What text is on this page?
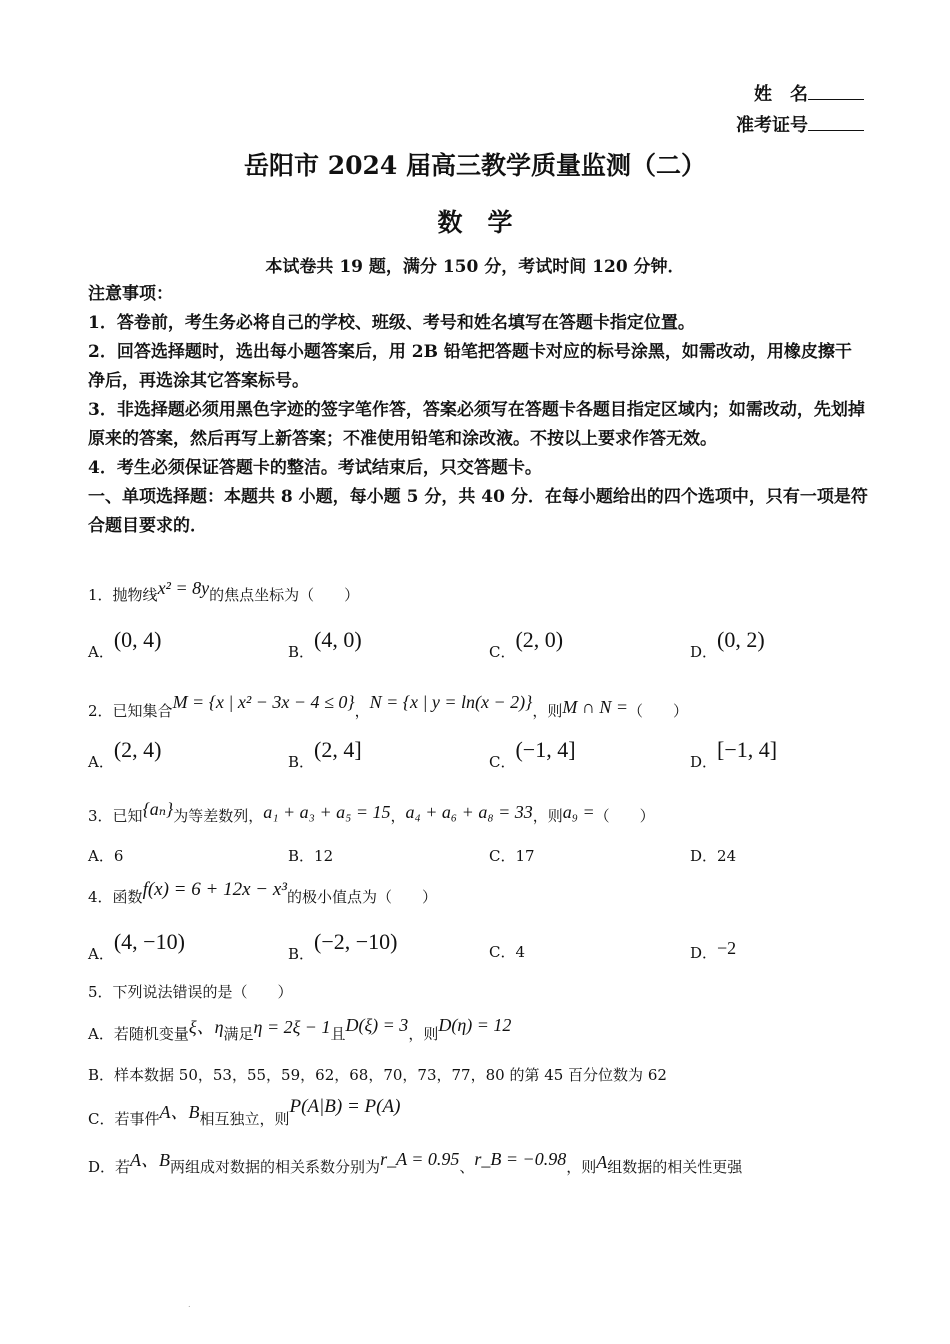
姓　名
准考证号
岳阳市 2024 届高三教学质量监测（二）
数　学
本试卷共 19 题，满分 150 分，考试时间 120 分钟．
注意事项：
1．答卷前，考生务必将自己的学校、班级、考号和姓名填写在答题卡指定位置。
2．回答选择题时，选出每小题答案后，用 2B 铅笔把答题卡对应的标号涂黑，如需改动，用橡皮擦干净后，再选涂其它答案标号。
3．非选择题必须用黑色字迹的签字笔作答，答案必须写在答题卡各题目指定区域内；如需改动，先划掉原来的答案，然后再写上新答案；不准使用铅笔和涂改液。不按以上要求作答无效。
4．考生必须保证答题卡的整洁。考试结束后，只交答题卡。
一、单项选择题：本题共 8 小题，每小题 5 分，共 40 分．在每小题给出的四个选项中，只有一项是符合题目要求的．
1．抛物线x² = 8y的焦点坐标为（　　）
A．(0, 4)	B．(4, 0)	C．(2, 0)	D．(0, 2)
2．已知集合M = {x | x² − 3x − 4 ≤ 0}，N = {x | y = ln(x − 2)}，则M ∩ N =（　　）
A．(2, 4)	B．(2, 4]	C．(−1, 4]	D．[−1, 4]
3．已知{aₙ}为等差数列，a₁ + a₃ + a₅ = 15，a₄ + a₆ + a₈ = 33，则a₉ =（　　）
A．6	B．12	C．17	D．24
4．函数f(x) = 6 + 12x − x³的极小值点为（　　）
A．(4, −10)	B．(−2, −10)	C．4	D．−2
5．下列说法错误的是（　　）
A．若随机变量ξ、η满足η = 2ξ − 1且D(ξ) = 3，则D(η) = 12
B．样本数据 50，53，55，59，62，68，70，73，77，80 的第 45 百分位数为 62
C．若事件A、B相互独立，则P(A|B) = P(A)
D．若A、B两组成对数据的相关系数分别为r_A = 0.95、r_B = −0.98，则A组数据的相关性更强
.
